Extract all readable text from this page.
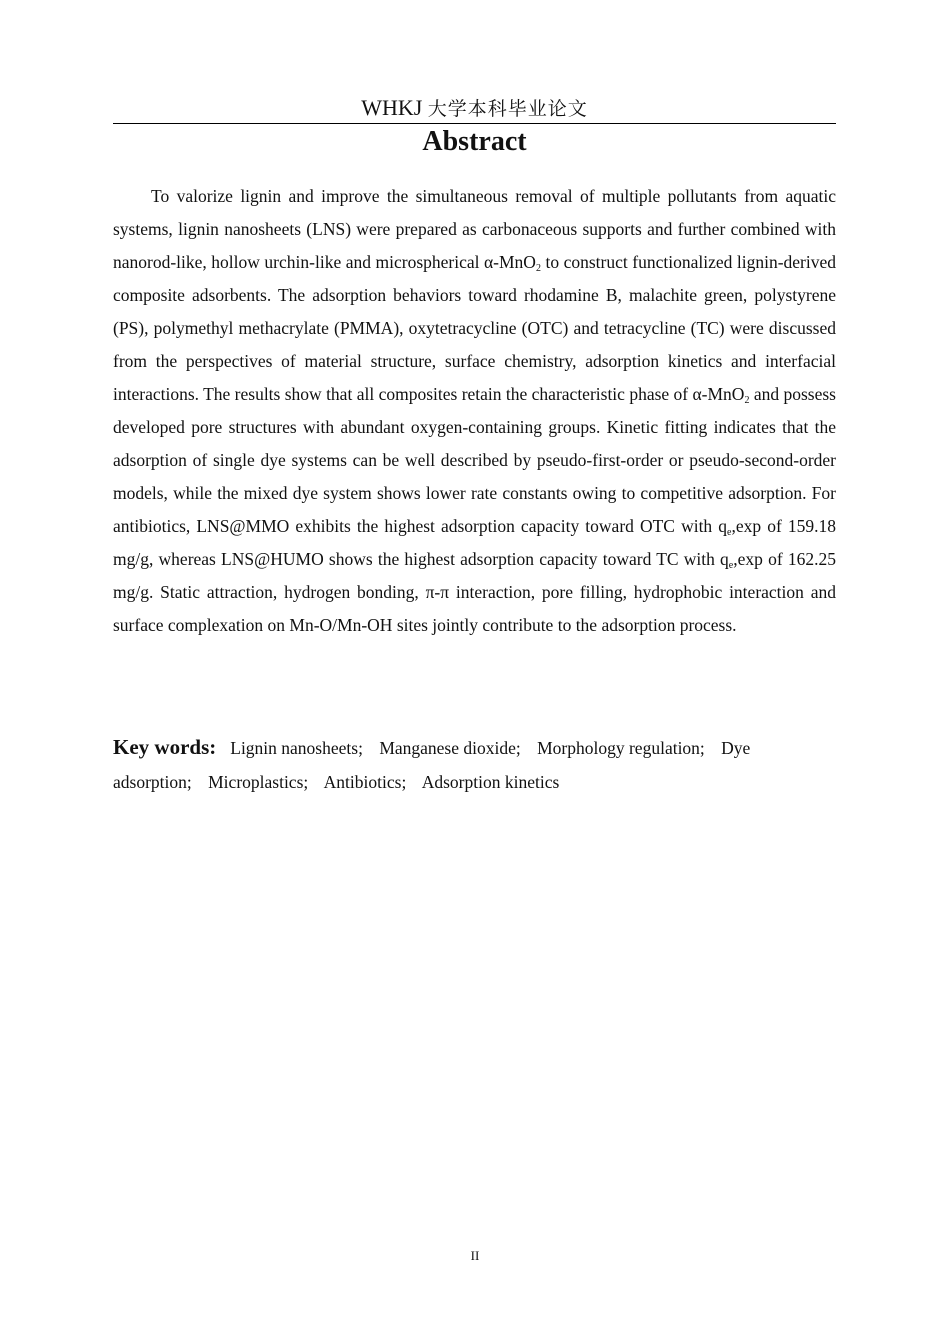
WHKJ 大学本科毕业论文
Abstract

To valorize lignin and improve the simultaneous removal of multiple pollutants from aquatic systems, lignin nanosheets (LNS) were prepared as carbonaceous supports and further combined with nanorod-like, hollow urchin-like and microspherical α-MnO$_2$ to construct functionalized lignin-derived composite adsorbents. The adsorption behaviors toward rhodamine B, malachite green, polystyrene (PS), polymethyl methacrylate (PMMA), oxytetracycline (OTC) and tetracycline (TC) were discussed from the perspectives of material structure, surface chemistry, adsorption kinetics and interfacial interactions. The results show that all composites retain the characteristic phase of α-MnO$_2$ and possess developed pore structures with abundant oxygen-containing groups. Kinetic fitting indicates that the adsorption of single dye systems can be well described by pseudo-first-order or pseudo-second-order models, while the mixed dye system shows lower rate constants owing to competitive adsorption. For antibiotics, LNS@MMO exhibits the highest adsorption capacity toward OTC with $q_e,\exp$ of 159.18 mg/g, whereas LNS@HUMO shows the highest adsorption capacity toward TC with $q_e,\exp$ of 162.25 mg/g. Static attraction, hydrogen bonding, π-π interaction, pore filling, hydrophobic interaction and surface complexation on Mn-O/Mn-OH sites jointly contribute to the adsorption process.

Key words: Lignin nanosheets; Manganese dioxide; Morphology regulation; Dye adsorption; Microplastics; Antibiotics; Adsorption kinetics

II
